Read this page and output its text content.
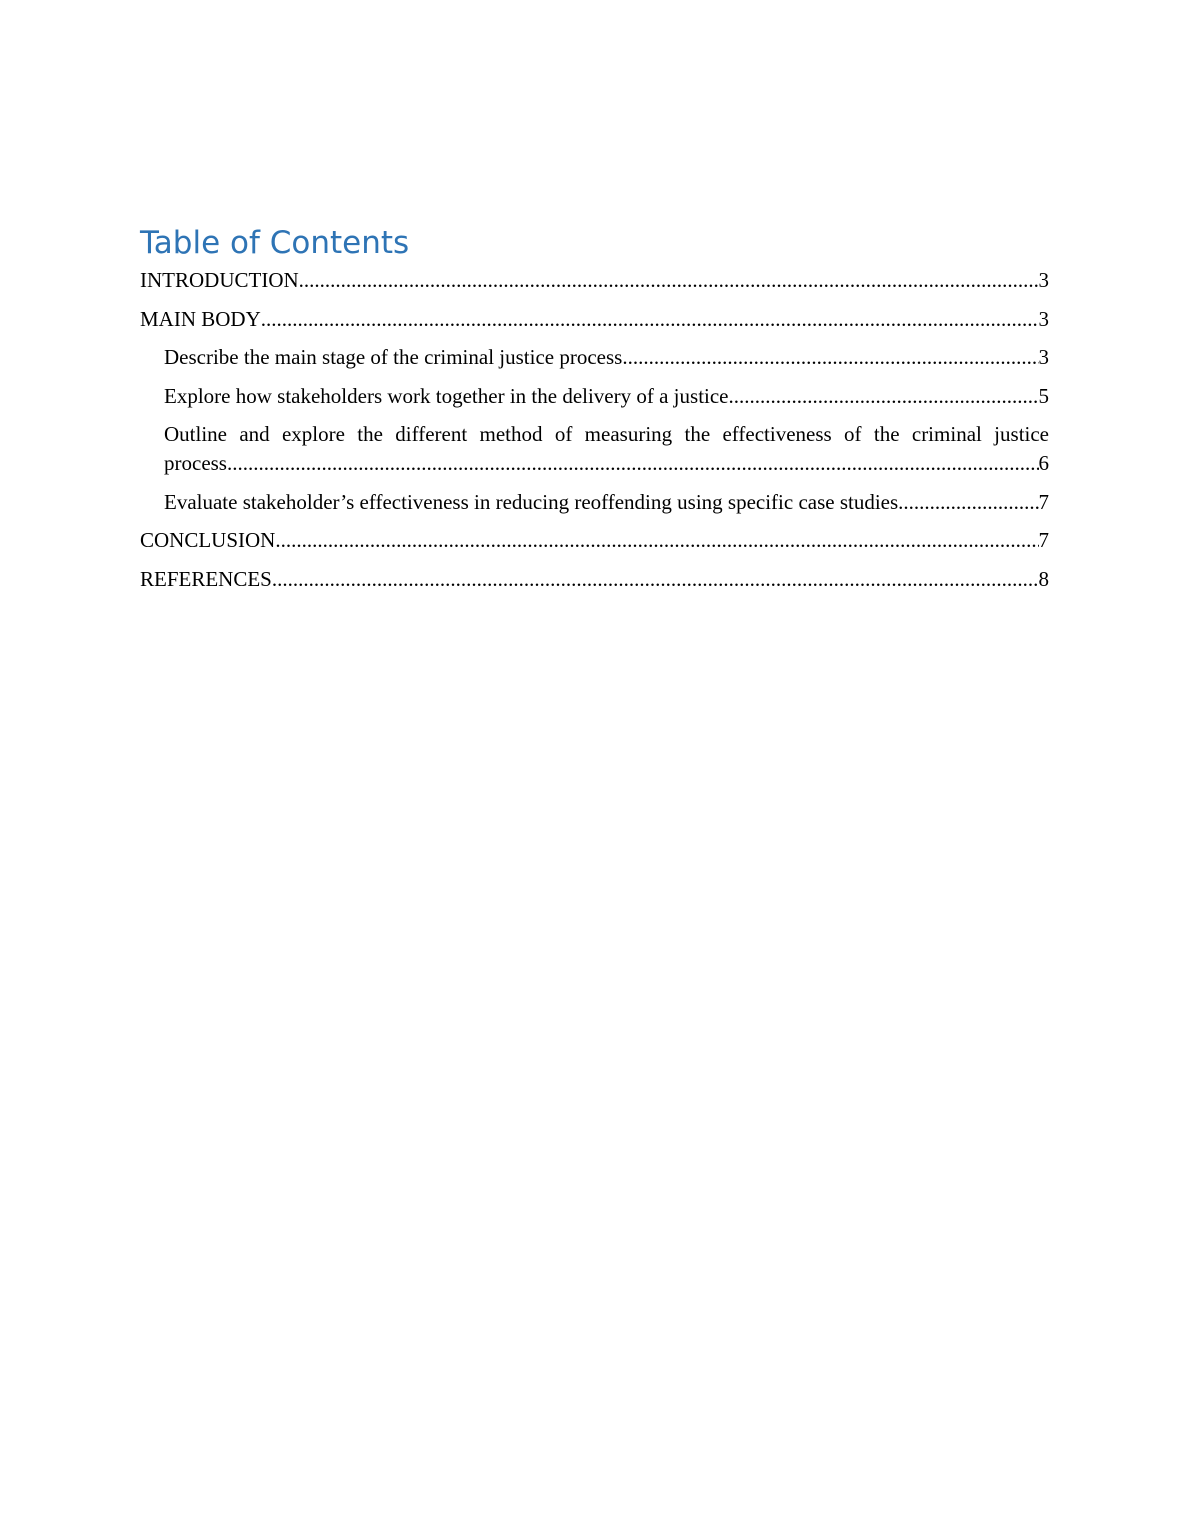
Table of Contents
INTRODUCTION .....	3
MAIN BODY .....	3
Describe the main stage of the criminal justice process .....	3
Explore how stakeholders work together in the delivery of a justice .....	5
Outline and explore the different method of measuring the effectiveness of the criminal justice
process .....	6
Evaluate stakeholder’s effectiveness in reducing reoffending using specific case studies .....	7
CONCLUSION .....	7
REFERENCES .....	8
